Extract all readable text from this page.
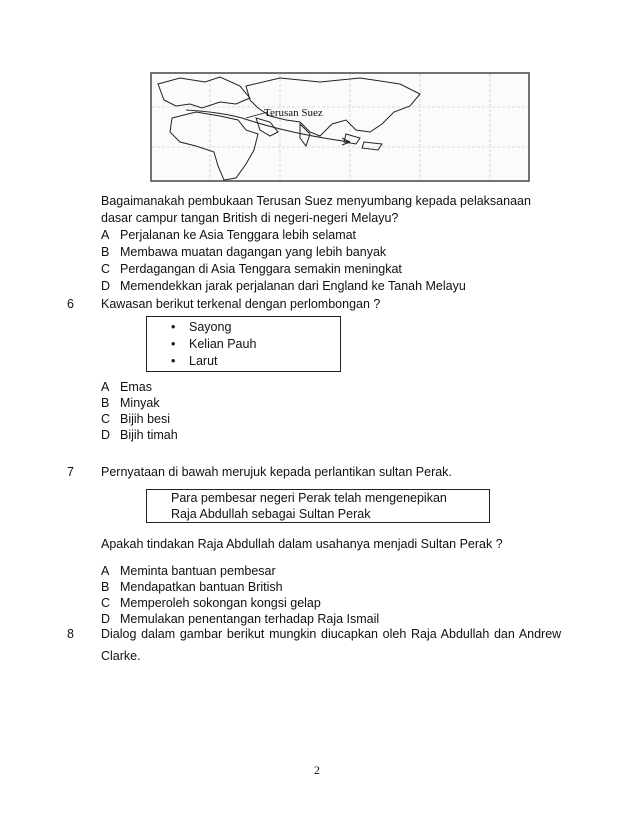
Terusan Suez
Bagaimanakah pembukaan Terusan Suez menyumbang kepada pelaksanaan
dasar campur tangan British di negeri-negeri Melayu?
A Perjalanan ke Asia Tenggara lebih selamat
B Membawa muatan dagangan yang lebih banyak
C Perdagangan di Asia Tenggara semakin meningkat
D Memendekkan jarak perjalanan dari England ke Tanah Melayu
6 Kawasan berikut terkenal dengan perlombongan ?
• Sayong
• Kelian Pauh
• Larut
A Emas
B Minyak
C Bijih besi
D Bijih timah
7 Pernyataan di bawah merujuk kepada perlantikan sultan Perak.
Para pembesar negeri Perak telah mengenepikan
Raja Abdullah sebagai Sultan Perak
Apakah tindakan Raja Abdullah dalam usahanya menjadi Sultan Perak ?
A Meminta bantuan pembesar
B Mendapatkan bantuan British
C Memperoleh sokongan kongsi gelap
D Memulakan penentangan terhadap Raja Ismail
8 Dialog dalam gambar berikut mungkin diucapkan oleh Raja Abdullah dan Andrew
Clarke.
2
